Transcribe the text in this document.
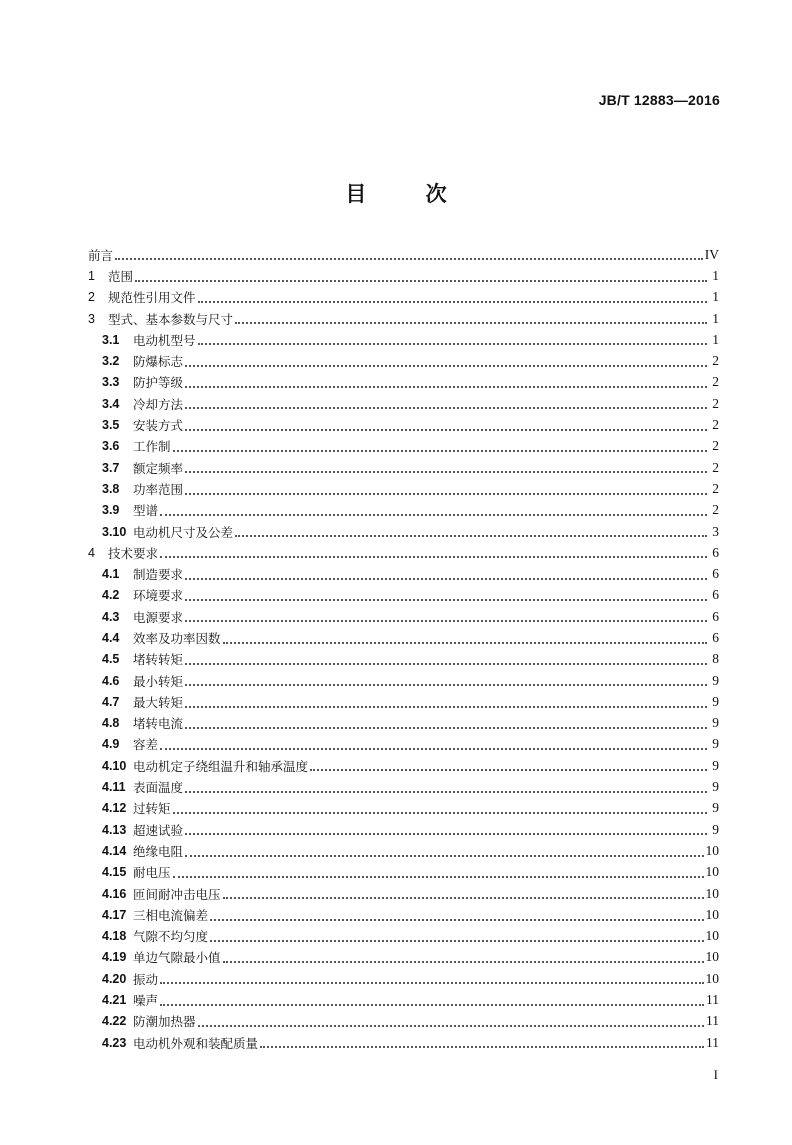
JB/T 12883—2016
目	次
前言	IV
1	范围	1
2	规范性引用文件	1
3	型式、基本参数与尺寸	1
3.1	电动机型号	1
3.2	防爆标志	2
3.3	防护等级	2
3.4	冷却方法	2
3.5	安装方式	2
3.6	工作制	2
3.7	额定频率	2
3.8	功率范围	2
3.9	型谱	2
3.10 电动机尺寸及公差	3
4	技术要求	6
4.1	制造要求	6
4.2	环境要求	6
4.3	电源要求	6
4.4	效率及功率因数	6
4.5	堵转转矩	8
4.6	最小转矩	9
4.7	最大转矩	9
4.8	堵转电流	9
4.9	容差	9
4.10 电动机定子绕组温升和轴承温度	9
4.11 表面温度	9
4.12 过转矩	9
4.13 超速试验	9
4.14 绝缘电阻	10
4.15 耐电压	10
4.16 匝间耐冲击电压	10
4.17 三相电流偏差	10
4.18 气隙不均匀度	10
4.19 单边气隙最小值	10
4.20 振动	10
4.21 噪声	11
4.22 防潮加热器	11
4.23 电动机外观和装配质量	11
I
